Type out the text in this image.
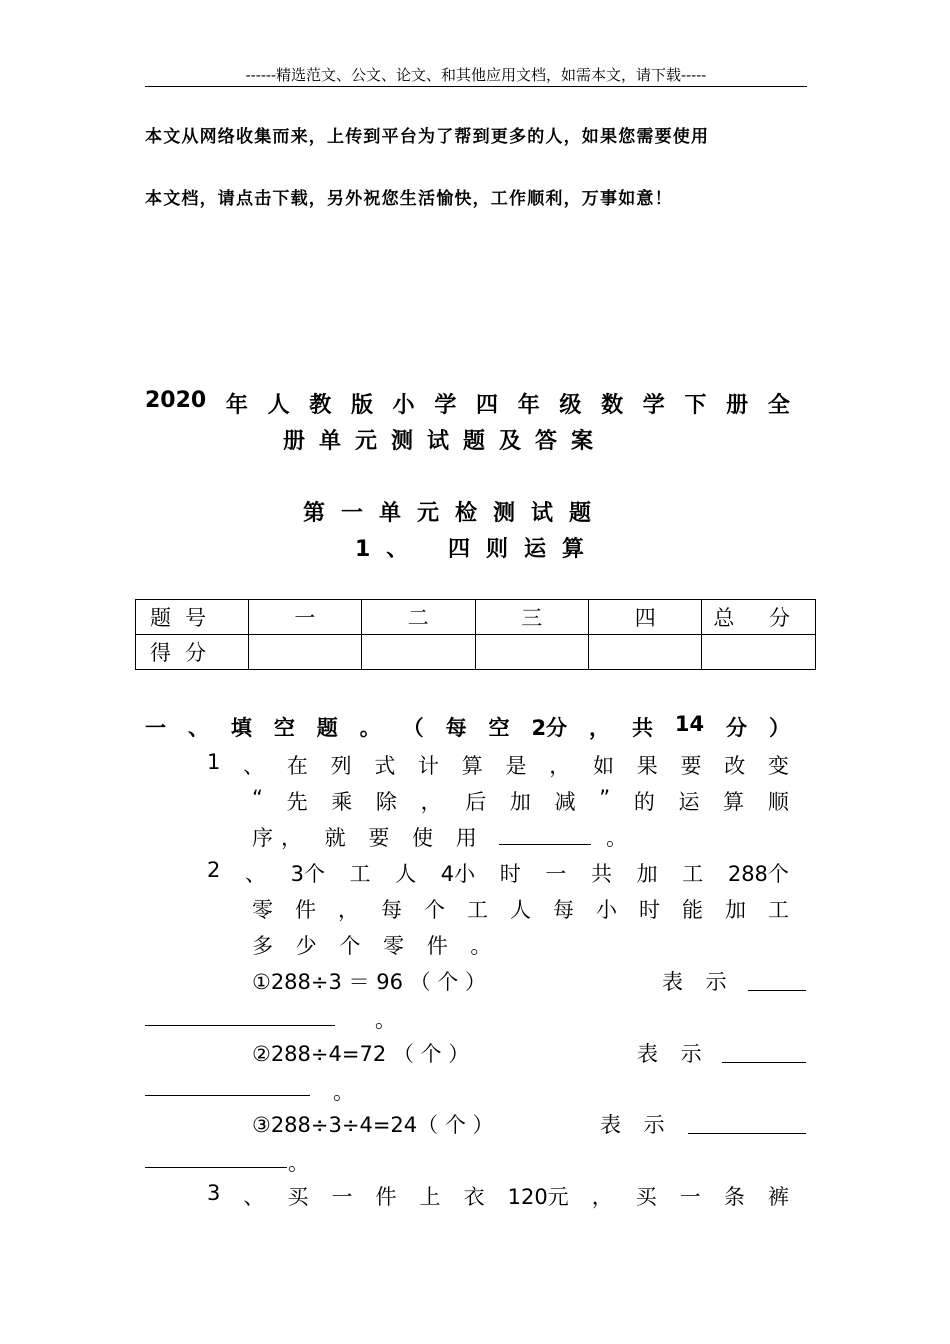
------精选范文、公文、论文、和其他应用文档，如需本文，请下载-----
本文从网络收集而来，上传到平台为了帮到更多的人，如果您需要使用
本文档，请点击下载，另外祝您生活愉快，工作顺利，万事如意！
2020 年 人 教 版 小 学 四 年 级 数 学 下 册 全
册单元测试题及答案
第一单元检测试题
1、 四则运算
题号	一	二	三	四	总 分
得分					
一 、 填 空 题 。 （ 每 空 2分 ， 共 14 分 ）
1 、 在 列 式 计 算 是 ， 如 果 要 改 变
“ 先 乘 除 ， 后 加 减 ” 的 运 算 顺
序， 就 要 使 用	。
2 、 3个 工 人 4小 时 一 共 加 工 288个
零 件 ， 每 个 工 人 每 小 时 能 加 工
多 少 个 零 件 。
①288÷3 ＝ 96 （ 个 ）	表 示
。
②288÷4=72 （ 个 ）	表 示
。
③288÷3÷4=24（ 个 ）	表 示
。
3 、 买 一 件 上 衣 120元 ， 买 一 条 裤
